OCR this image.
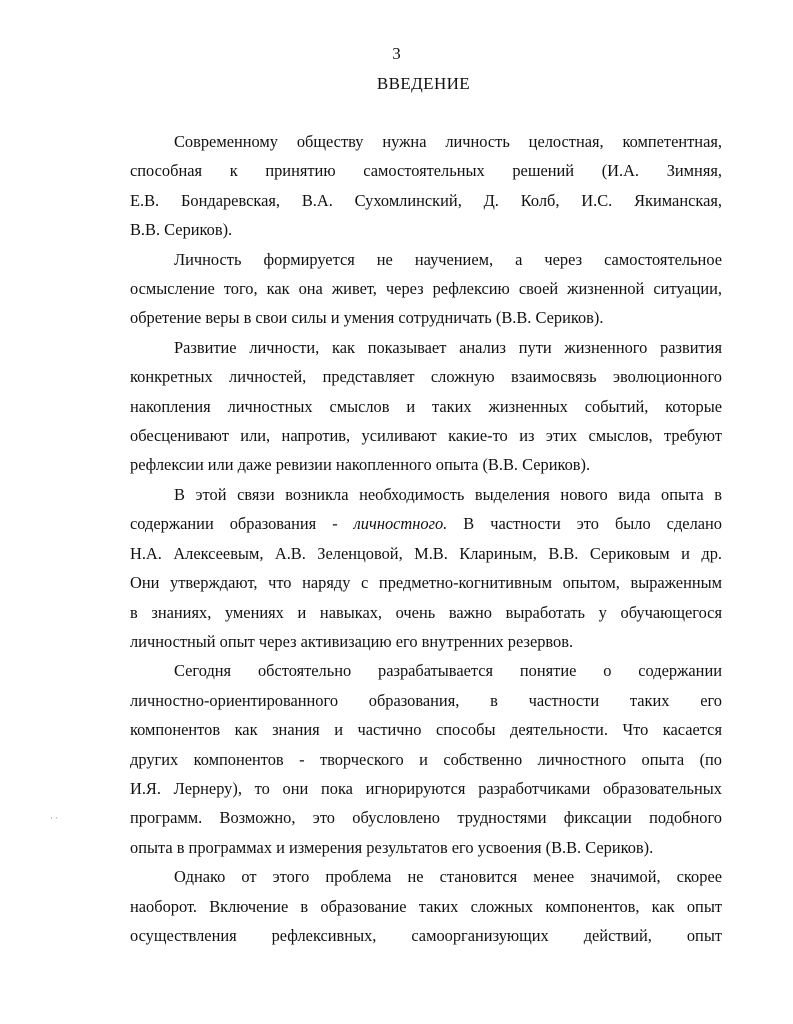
3
ВВЕДЕНИЕ
Современному обществу нужна личность целостная, компетентная,
способная к принятию самостоятельных решений (И.А. Зимняя,
Е.В. Бондаревская, В.А. Сухомлинский, Д. Колб, И.С. Якиманская,
В.В. Сериков).
Личность формируется не научением, а через самостоятельное
осмысление того, как она живет, через рефлексию своей жизненной ситуации,
обретение веры в свои силы и умения сотрудничать (В.В. Сериков).
Развитие личности, как показывает анализ пути жизненного развития
конкретных личностей, представляет сложную взаимосвязь эволюционного
накопления личностных смыслов и таких жизненных событий, которые
обесценивают или, напротив, усиливают какие-то из этих смыслов, требуют
рефлексии или даже ревизии накопленного опыта (В.В. Сериков).
В этой связи возникла необходимость выделения нового вида опыта в
содержании образования - личностного. В частности это было сделано
Н.А. Алексеевым, А.В. Зеленцовой, М.В. Клариным, В.В. Сериковым и др.
Они утверждают, что наряду с предметно-когнитивным опытом, выраженным
в знаниях, умениях и навыках, очень важно выработать у обучающегося
личностный опыт через активизацию его внутренних резервов.
Сегодня обстоятельно разрабатывается понятие о содержании
личностно-ориентированного образования, в частности таких его
компонентов как знания и частично способы деятельности. Что касается
других компонентов - творческого и собственно личностного опыта (по
И.Я. Лернеру), то они пока игнорируются разработчиками образовательных
программ. Возможно, это обусловлено трудностями фиксации подобного
опыта в программах и измерения результатов его усвоения (В.В. Сериков).
Однако от этого проблема не становится менее значимой, скорее
наоборот. Включение в образование таких сложных компонентов, как опыт
осуществления рефлексивных, самоорганизующих действий, опыт
· ·
